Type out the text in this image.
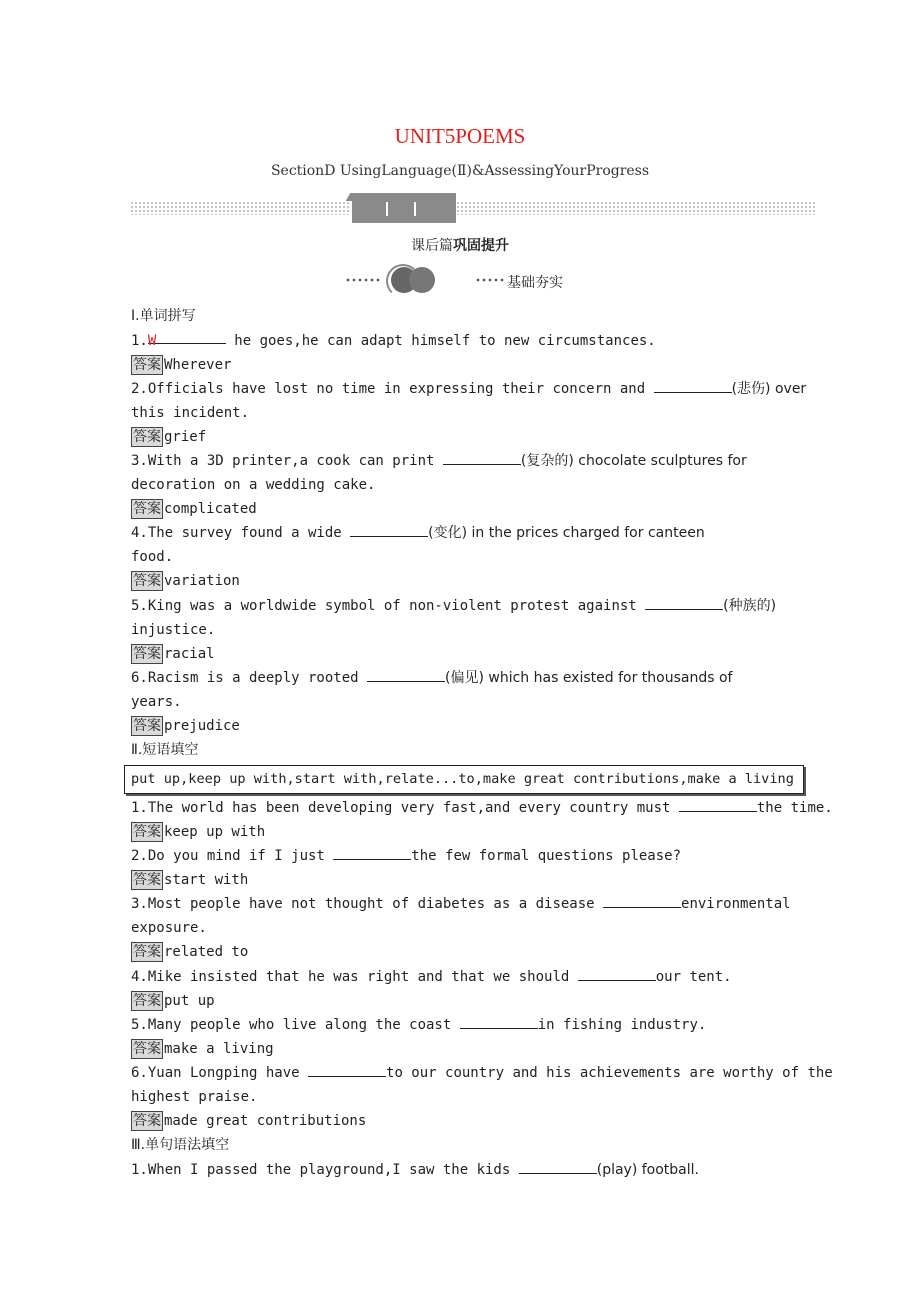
UNIT5POEMS
SectionD UsingLanguage(Ⅱ)&AssessingYourProgress
课后篇巩固提升
基础夯实
Ⅰ.单词拼写
1.W	he goes,he can adapt himself to new circumstances.
答案 Wherever
2.Officials have lost no time in expressing their concern and	(悲伤) over
this incident.
答案 grief
3.With a 3D printer,a cook can print	(复杂的) chocolate sculptures for
decoration on a wedding cake.
答案 complicated
4.The survey found a wide	(变化) in the prices charged for canteen
food.
答案 variation
5.King was a worldwide symbol of non-violent protest against	(种族的)
injustice.
答案 racial
6.Racism is a deeply rooted	(偏见) which has existed for thousands of
years.
答案 prejudice
Ⅱ.短语填空
put up,keep up with,start with,relate...to,make great contributions,make a living
1.The world has been developing very fast,and every country must	the time.
答案 keep up with
2.Do you mind if I just	the few formal questions please?
答案 start with
3.Most people have not thought of diabetes as a disease	environmental
exposure.
答案 related to
4.Mike insisted that he was right and that we should	our tent.
答案 put up
5.Many people who live along the coast	in fishing industry.
答案 make a living
6.Yuan Longping have	to our country and his achievements are worthy of the
highest praise.
答案 made great contributions
Ⅲ.单句语法填空
1.When I passed the playground,I saw the kids	(play) football.
